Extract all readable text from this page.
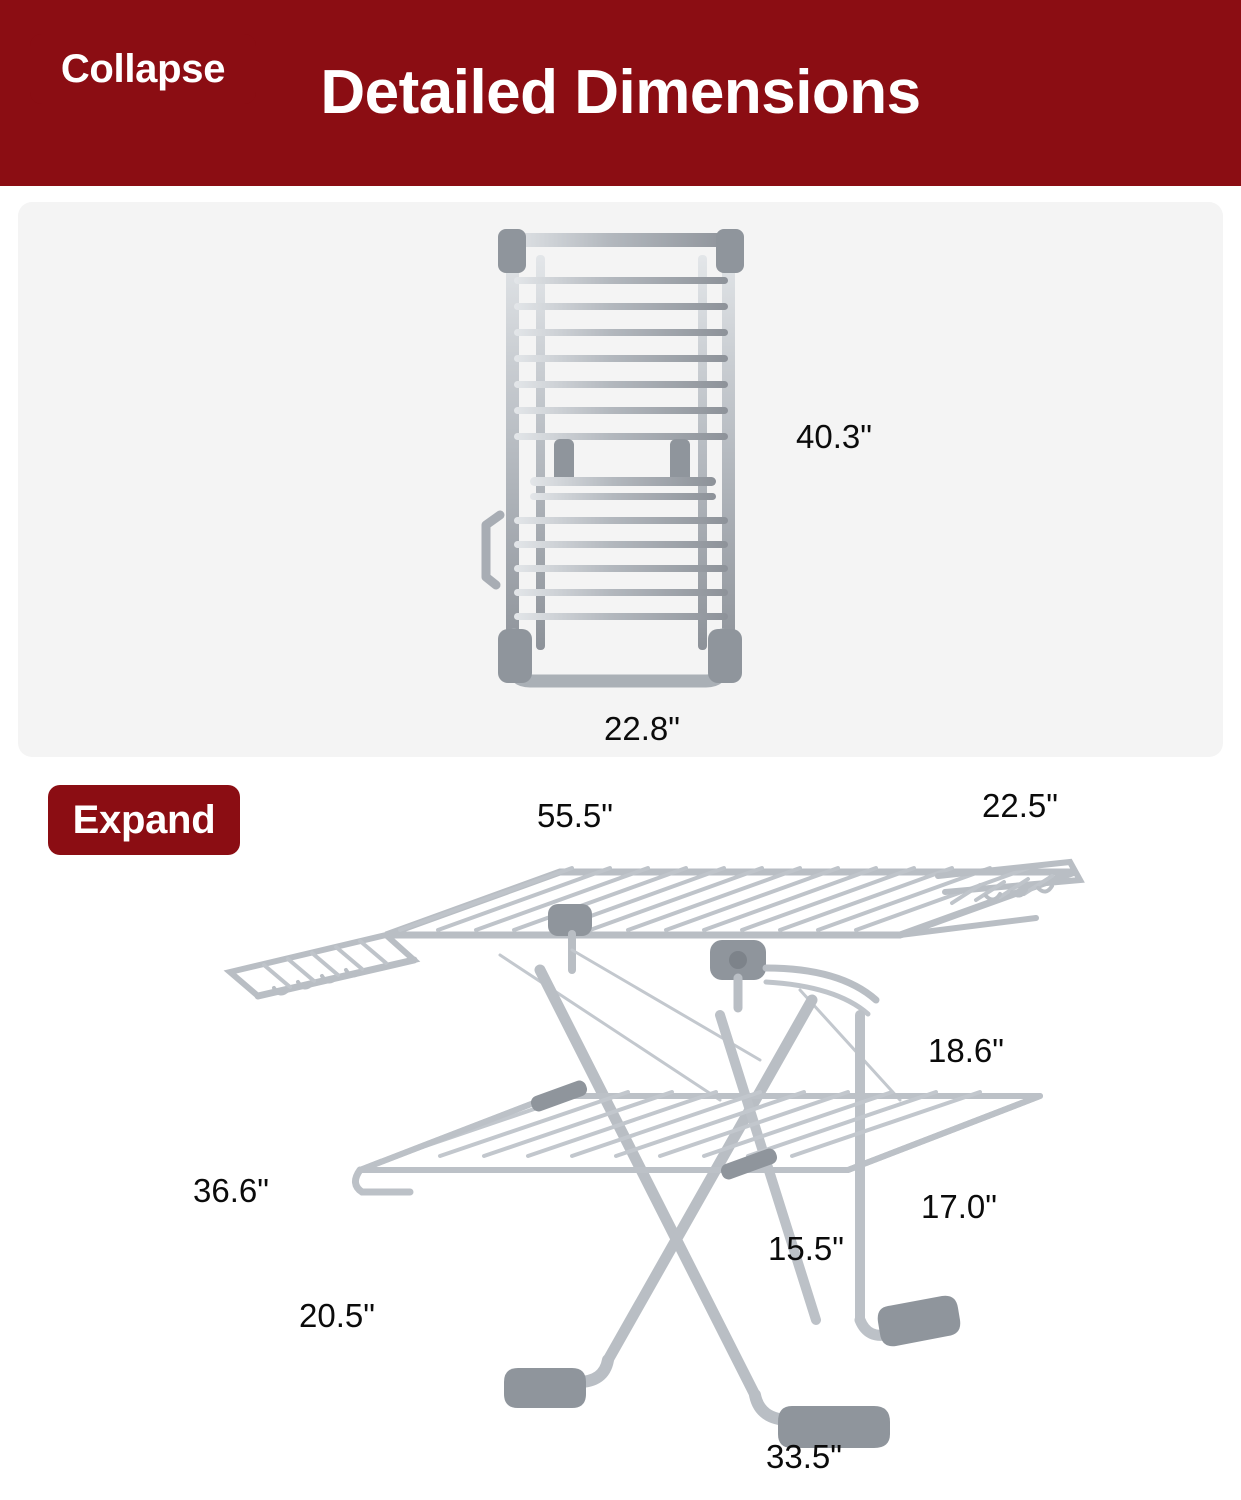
Detailed Dimensions
Collapse
40.3"
22.8"
Expand	55.5"	22.5"
18.6"
17.0"
15.5"
36.6"
20.5"
33.5"
